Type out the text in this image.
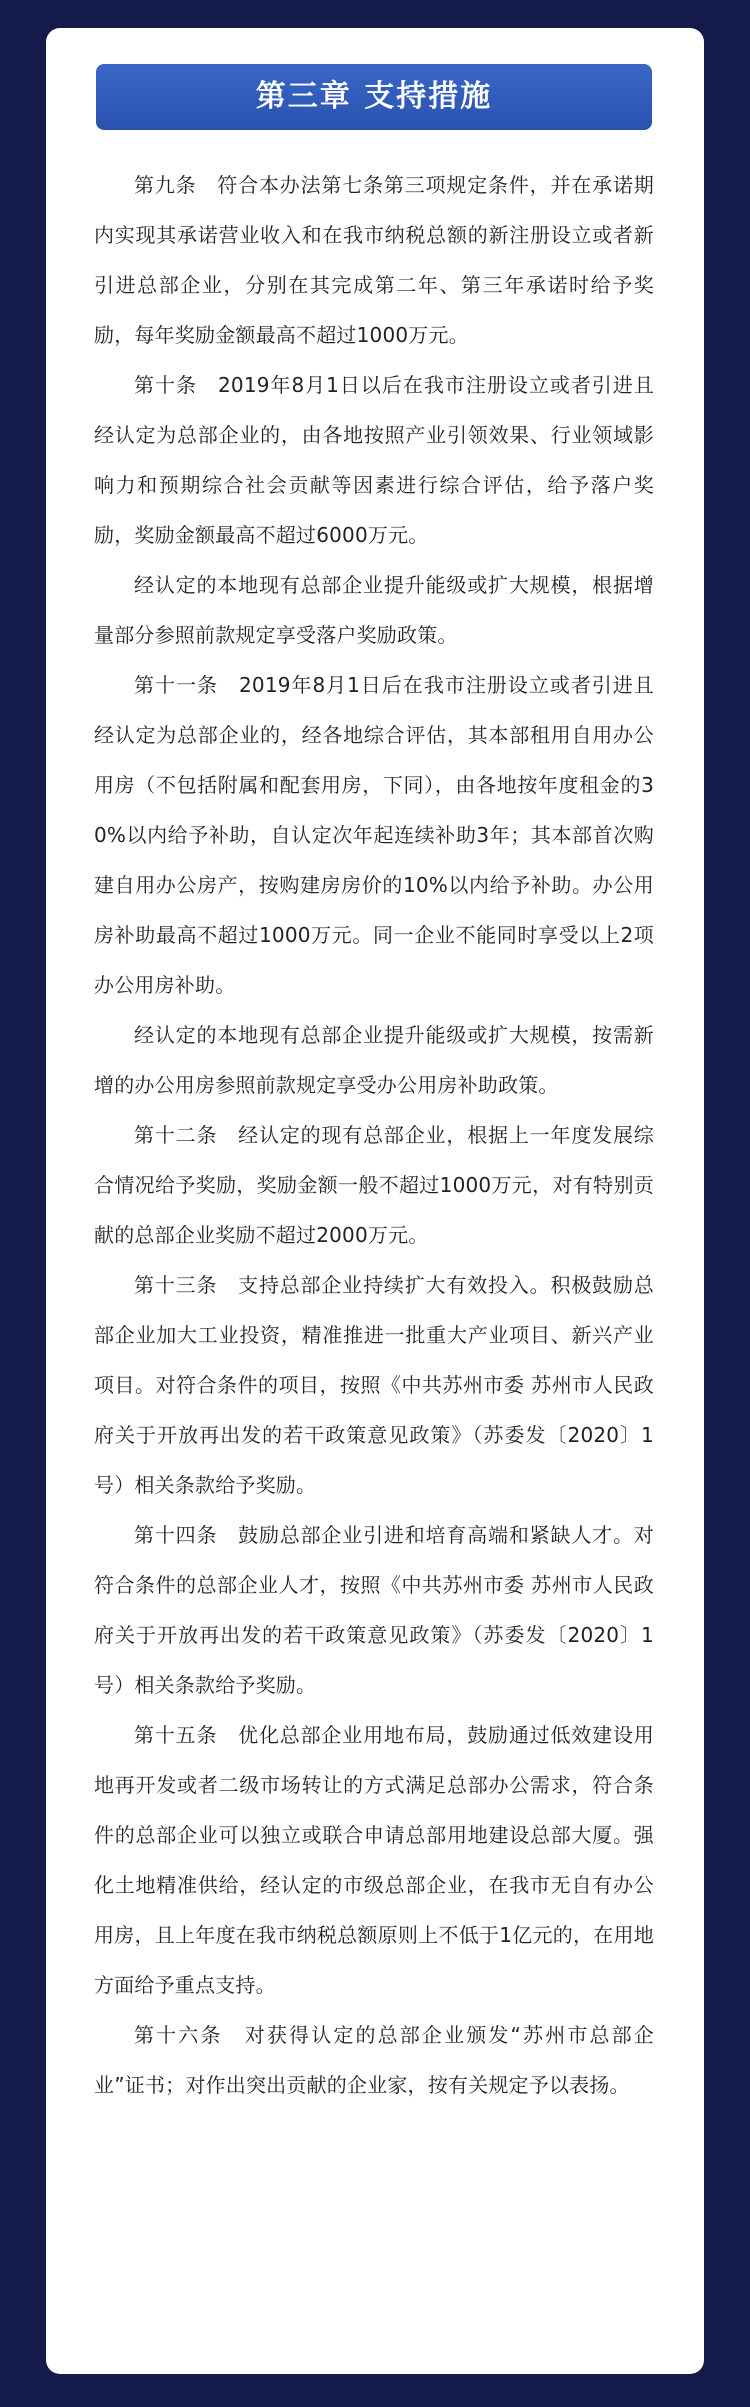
第三章 支持措施

第九条　符合本办法第七条第三项规定条件，并在承诺期内实现其承诺营业收入和在我市纳税总额的新注册设立或者新引进总部企业，分别在其完成第二年、第三年承诺时给予奖励，每年奖励金额最高不超过1000万元。

第十条　2019年8月1日以后在我市注册设立或者引进且经认定为总部企业的，由各地按照产业引领效果、行业领域影响力和预期综合社会贡献等因素进行综合评估，给予落户奖励，奖励金额最高不超过6000万元。

经认定的本地现有总部企业提升能级或扩大规模，根据增量部分参照前款规定享受落户奖励政策。

第十一条　2019年8月1日后在我市注册设立或者引进且经认定为总部企业的，经各地综合评估，其本部租用自用办公用房（不包括附属和配套用房，下同），由各地按年度租金的30%以内给予补助，自认定次年起连续补助3年；其本部首次购建自用办公房产，按购建房房价的10%以内给予补助。办公用房补助最高不超过1000万元。同一企业不能同时享受以上2项办公用房补助。

经认定的本地现有总部企业提升能级或扩大规模，按需新增的办公用房参照前款规定享受办公用房补助政策。

第十二条　经认定的现有总部企业，根据上一年度发展综合情况给予奖励，奖励金额一般不超过1000万元，对有特别贡献的总部企业奖励不超过2000万元。

第十三条　支持总部企业持续扩大有效投入。积极鼓励总部企业加大工业投资，精准推进一批重大产业项目、新兴产业项目。对符合条件的项目，按照《中共苏州市委 苏州市人民政府关于开放再出发的若干政策意见政策》（苏委发〔2020〕1号）相关条款给予奖励。

第十四条　鼓励总部企业引进和培育高端和紧缺人才。对符合条件的总部企业人才，按照《中共苏州市委 苏州市人民政府关于开放再出发的若干政策意见政策》（苏委发〔2020〕1号）相关条款给予奖励。

第十五条　优化总部企业用地布局，鼓励通过低效建设用地再开发或者二级市场转让的方式满足总部办公需求，符合条件的总部企业可以独立或联合申请总部用地建设总部大厦。强化土地精准供给，经认定的市级总部企业，在我市无自有办公用房，且上年度在我市纳税总额原则上不低于1亿元的，在用地方面给予重点支持。

第十六条　对获得认定的总部企业颁发“苏州市总部企业”证书；对作出突出贡献的企业家，按有关规定予以表扬。
